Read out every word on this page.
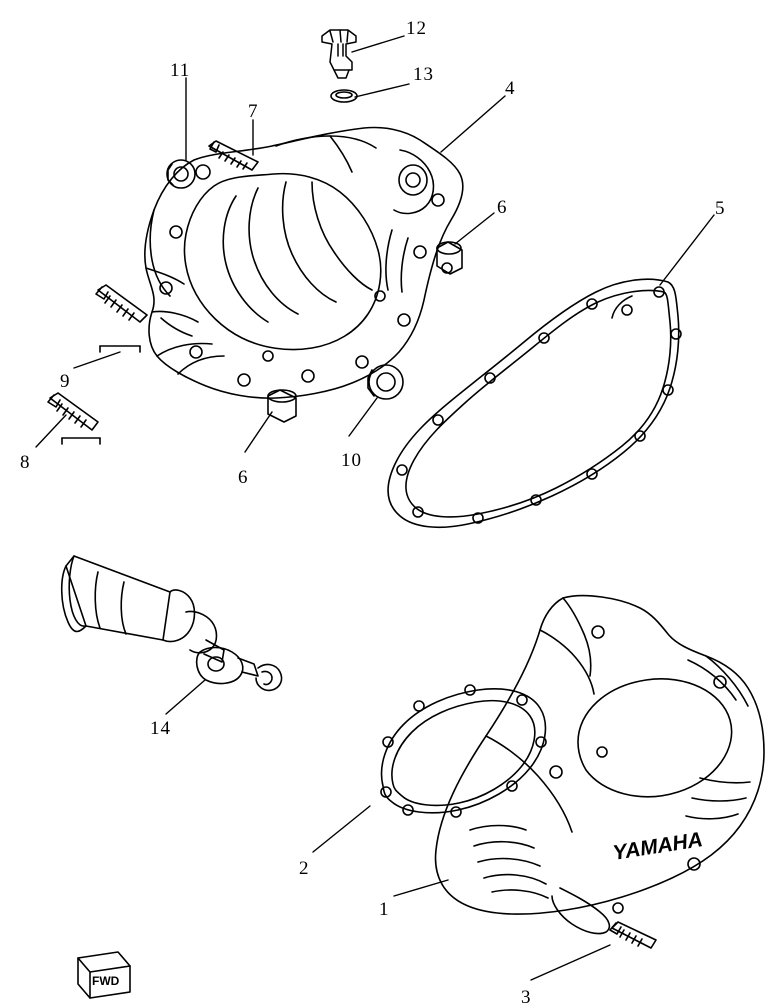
YAMAHA
12
11	13
4
7
6	5
9
8
6
10
14
2
1
3
FWD
